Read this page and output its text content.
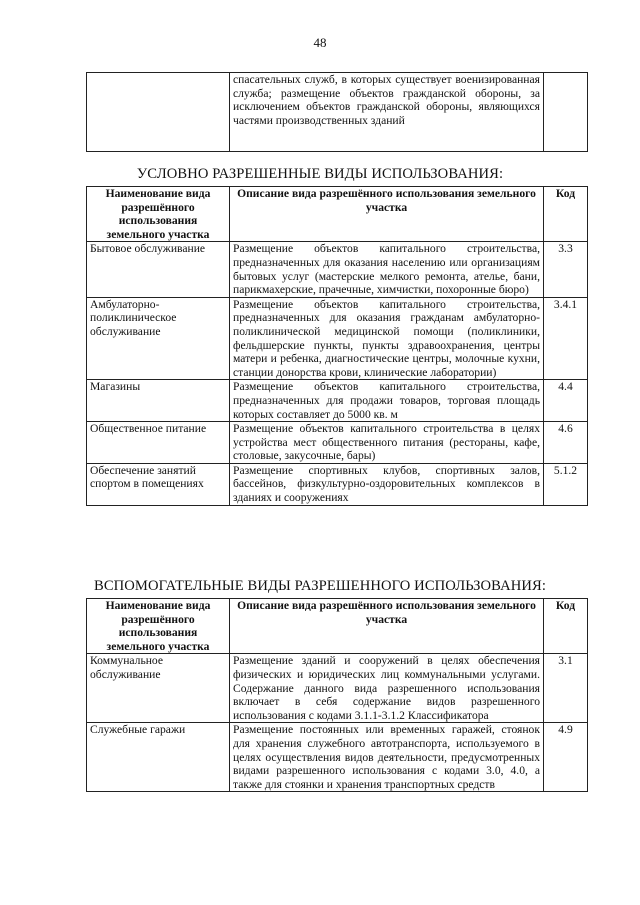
48
	спасательных служб, в которых существует военизированная служба; размещение объектов гражданской обороны, за исключением объектов гражданской обороны, являющихся частями производственных зданий	
УСЛОВНО РАЗРЕШЕННЫЕ ВИДЫ ИСПОЛЬЗОВАНИЯ:
Наименование вида разрешённого использования земельного участка	Описание вида разрешённого использования земельного участка	Код
Бытовое обслуживание	Размещение объектов капитального строительства, предназначенных для оказания населению или организациям бытовых услуг (мастерские мелкого ремонта, ателье, бани, парикмахерские, прачечные, химчистки, похоронные бюро)	3.3
Амбулаторно-поликлиническое обслуживание	Размещение объектов капитального строительства, предназначенных для оказания гражданам амбулаторно-поликлинической медицинской помощи (поликлиники, фельдшерские пункты, пункты здравоохранения, центры матери и ребенка, диагностические центры, молочные кухни, станции донорства крови, клинические лаборатории)	3.4.1
Магазины	Размещение объектов капитального строительства, предназначенных для продажи товаров, торговая площадь которых составляет до 5000 кв. м	4.4
Общественное питание	Размещение объектов капитального строительства в целях устройства мест общественного питания (рестораны, кафе, столовые, закусочные, бары)	4.6
Обеспечение занятий спортом в помещениях	Размещение спортивных клубов, спортивных залов, бассейнов, физкультурно-оздоровительных комплексов в зданиях и сооружениях	5.1.2
ВСПОМОГАТЕЛЬНЫЕ ВИДЫ РАЗРЕШЕННОГО ИСПОЛЬЗОВАНИЯ:
Наименование вида разрешённого использования земельного участка	Описание вида разрешённого использования земельного участка	Код
Коммунальное обслуживание	Размещение зданий и сооружений в целях обеспечения физических и юридических лиц коммунальными услугами. Содержание данного вида разрешенного использования включает в себя содержание видов разрешенного использования с кодами 3.1.1-3.1.2 Классификатора	3.1
Служебные гаражи	Размещение постоянных или временных гаражей, стоянок для хранения служебного автотранспорта, используемого в целях осуществления видов деятельности, предусмотренных видами разрешенного использования с кодами 3.0, 4.0, а также для стоянки и хранения транспортных средств	4.9
